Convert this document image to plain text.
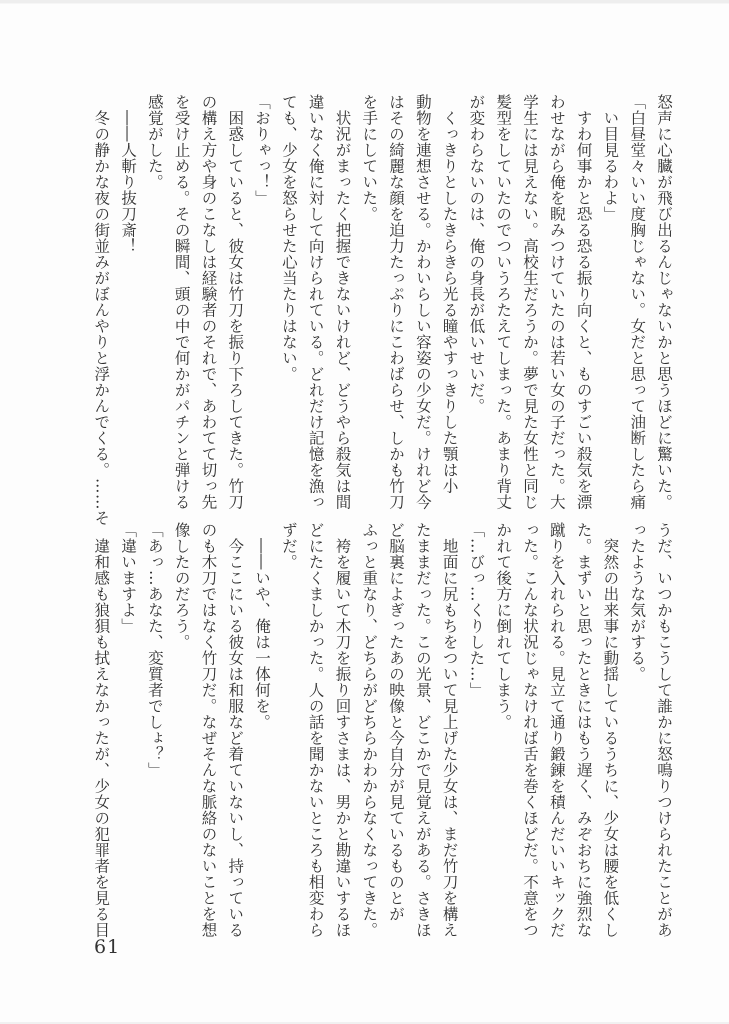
怒声に心臓が飛び出るんじゃないかと思うほどに驚いた。
「白昼堂々いい度胸じゃない。女だと思って油断したら痛
　い目見るわよ」
　すわ何事かと恐る恐る振り向くと、ものすごい殺気を漂
わせながら俺を睨みつけていたのは若い女の子だった。大
学生には見えない。高校生だろうか。夢で見た女性と同じ
髪型をしていたのでついうろたえてしまった。あまり背丈
が変わらないのは、俺の身長が低いせいだ。
　くっきりとしたきらきら光る瞳やすっきりした顎は小
動物を連想させる。かわいらしい容姿の少女だ。けれど今
はその綺麗な顔を迫力たっぷりにこわばらせ、しかも竹刀
を手にしていた。
　状況がまったく把握できないけれど、どうやら殺気は間
違いなく俺に対して向けられている。どれだけ記憶を漁っ
ても、少女を怒らせた心当たりはない。
「おりゃっ！」
　困惑していると、彼女は竹刀を振り下ろしてきた。竹刀
の構え方や身のこなしは経験者のそれで、あわてて切っ先
を受け止める。その瞬間、頭の中で何かがパチンと弾ける
感覚がした。
　――人斬り抜刀斎！
　冬の静かな夜の街並みがぼんやりと浮かんでくる。……そ
うだ、いつかもこうして誰かに怒鳴りつけられたことがあ
ったような気がする。
　突然の出来事に動揺しているうちに、少女は腰を低くし
た。まずいと思ったときにはもう遅く、みぞおちに強烈な
蹴りを入れられる。見立て通り鍛錬を積んだいいキックだ
った。こんな状況じゃなければ舌を巻くほどだ。不意をつ
かれて後方に倒れてしまう。
「…びっ…くりした…」
　地面に尻もちをついて見上げた少女は、まだ竹刀を構え
たままだった。この光景、どこかで見覚えがある。さきほ
ど脳裏によぎったあの映像と今自分が見ているものとが
ふっと重なり、どちらがどちらかわからなくなってきた。
　袴を履いて木刀を振り回すさまは、男かと勘違いするほ
どにたくましかった。人の話を聞かないところも相変わら
ずだ。
　――いや、俺は一体何を。
　今ここにいる彼女は和服など着ていないし、持っている
のも木刀ではなく竹刀だ。なぜそんな脈絡のないことを想
像したのだろう。
「あっ…あなた、変質者でしょ？」
「違いますよ」
　違和感も狼狽も拭えなかったが、少女の犯罪者を見る目
61
